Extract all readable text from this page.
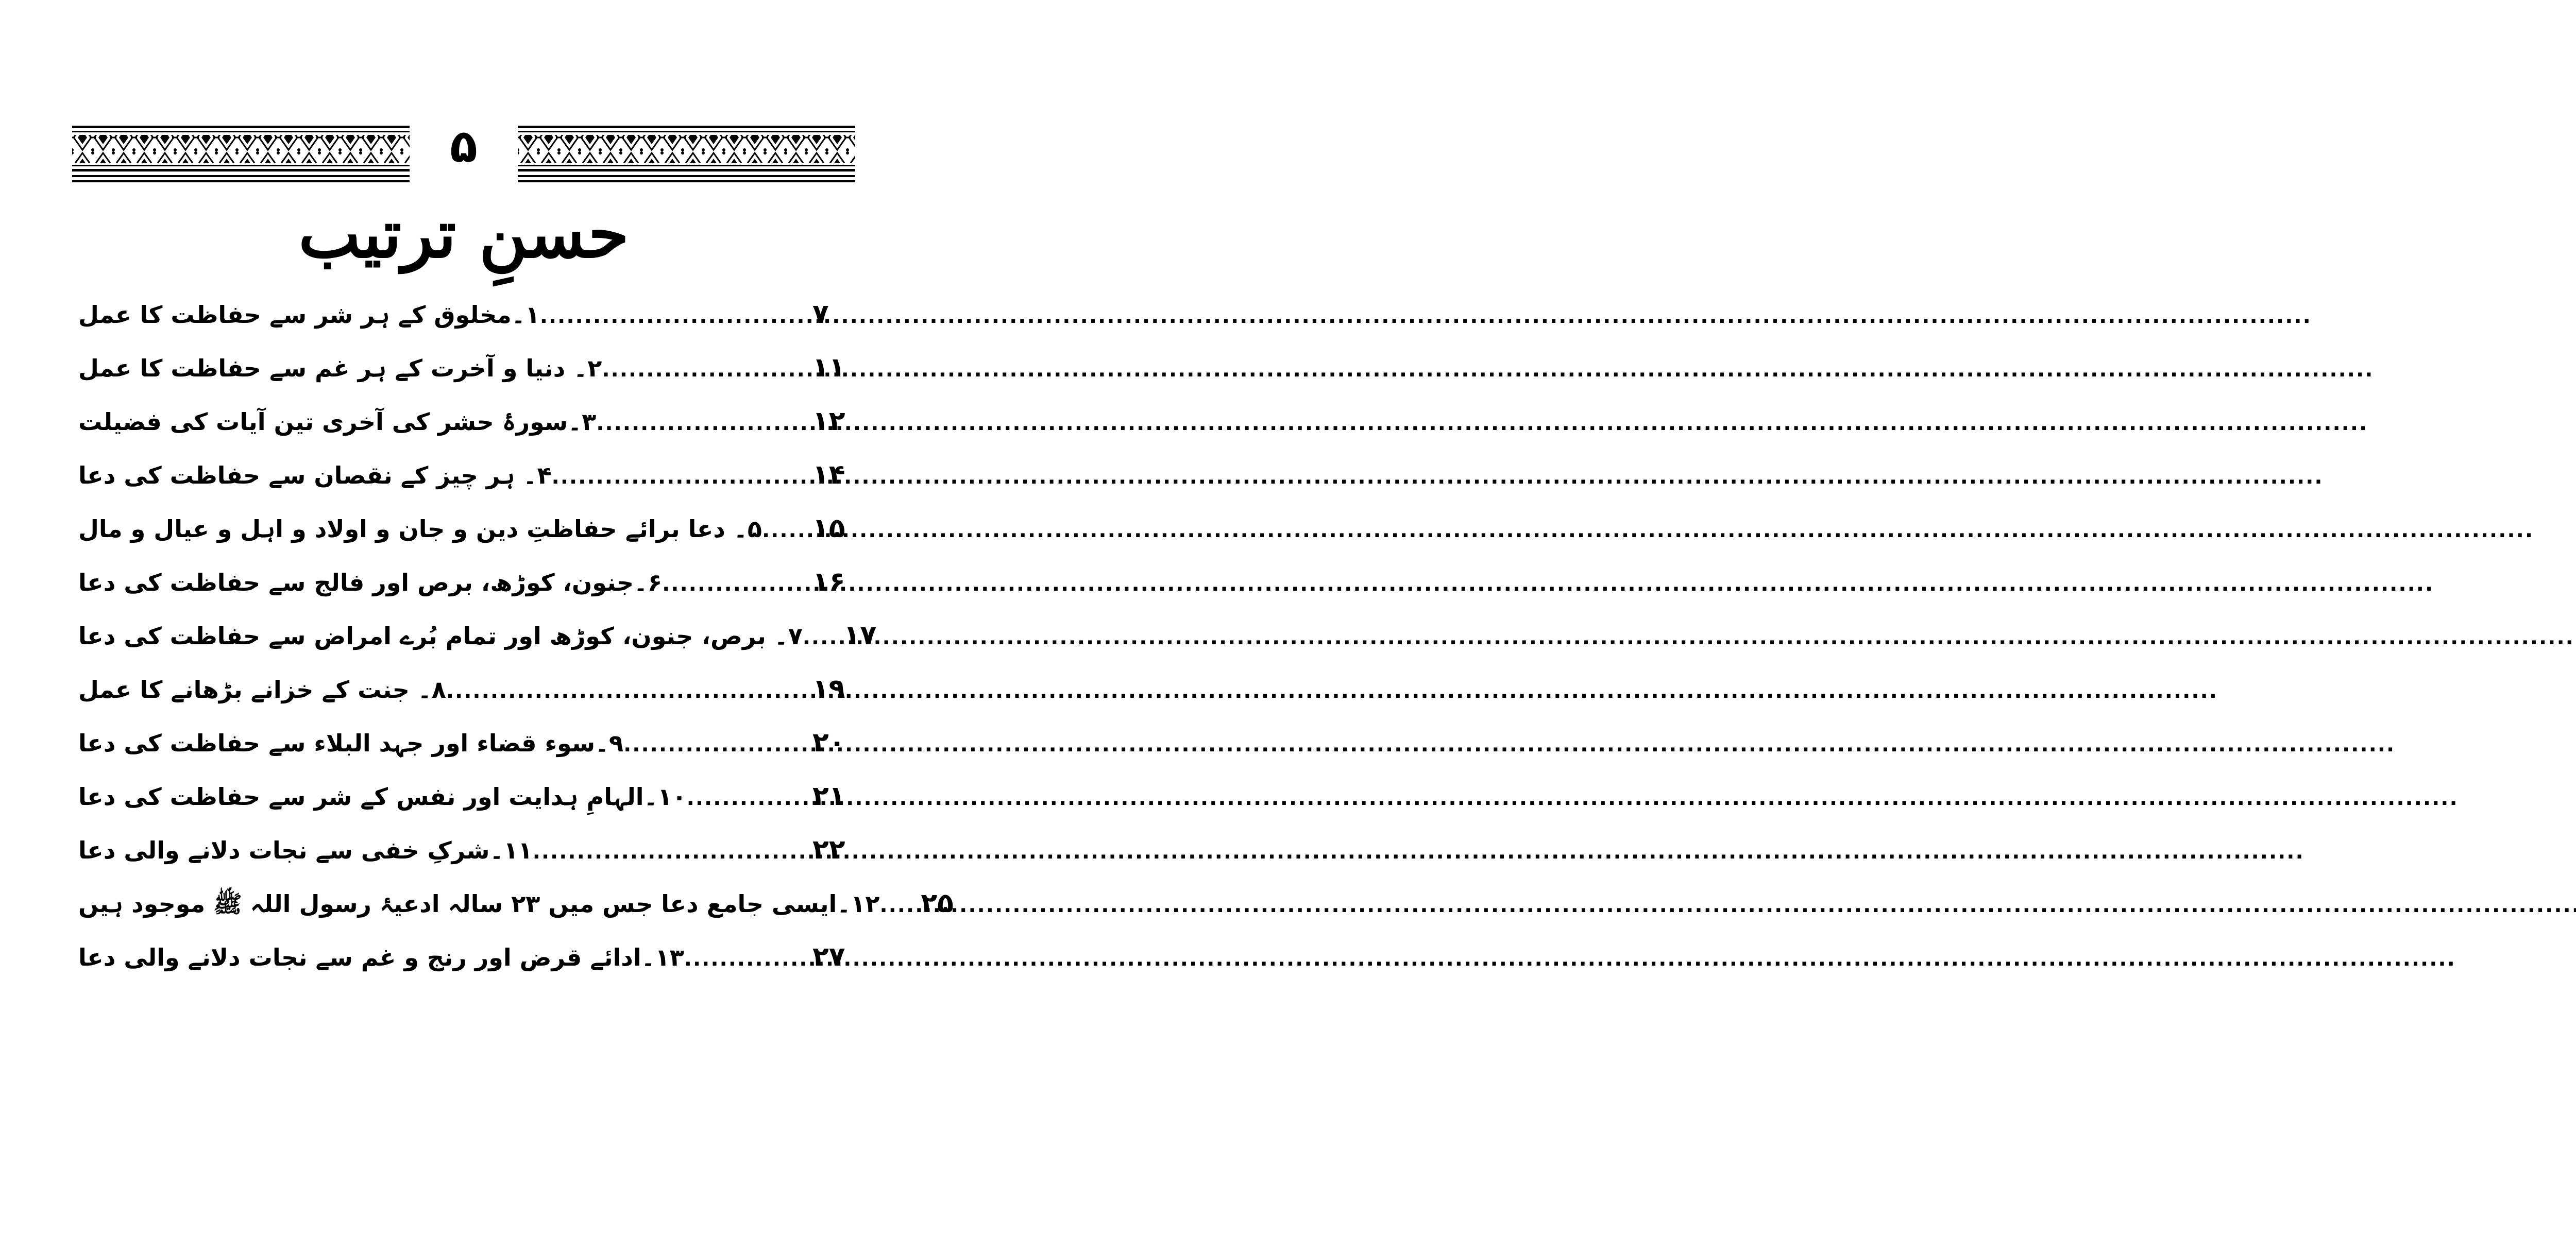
۵
حسنِ ترتیب
۱۔مخلوق کے ہر شر سے حفاظت کا عمل .....	۷
۲۔ دنیا و آخرت کے ہر غم سے حفاظت کا عمل .....	۱۱
۳۔سورۂ حشر کی آخری تین آیات کی فضیلت .....	۱۲
۴۔ ہر چیز کے نقصان سے حفاظت کی دعا .....	۱۴
۵۔ دعا برائے حفاظتِ دین و جان و اولاد و اہل و عیال و مال ..... ۱۵
۶۔جنون، کوڑھ، برص اور فالج سے حفاظت کی دعا .....	۱۶
۷۔ برص، جنون، کوڑھ اور تمام بُرے امراض سے حفاظت کی دعا ..... ۱۷
۸۔ جنت کے خزانے بڑھانے کا عمل .....	۱۹
۹۔سوء قضاء اور جہد البلاء سے حفاظت کی دعا .....	۲۰
۱۰۔الہامِ ہدایت اور نفس کے شر سے حفاظت کی دعا .....	۲۱
۱۱۔شرکِ خفی سے نجات دلانے والی دعا .....	۲۲
۱۲۔ایسی جامع دعا جس میں ۲۳ سالہ ادعیۂ رسول اللہ ﷺ موجود ہیں ..... ۲۵
۱۳۔ادائے قرض اور رنج و غم سے نجات دلانے والی دعا .....	۲۷
